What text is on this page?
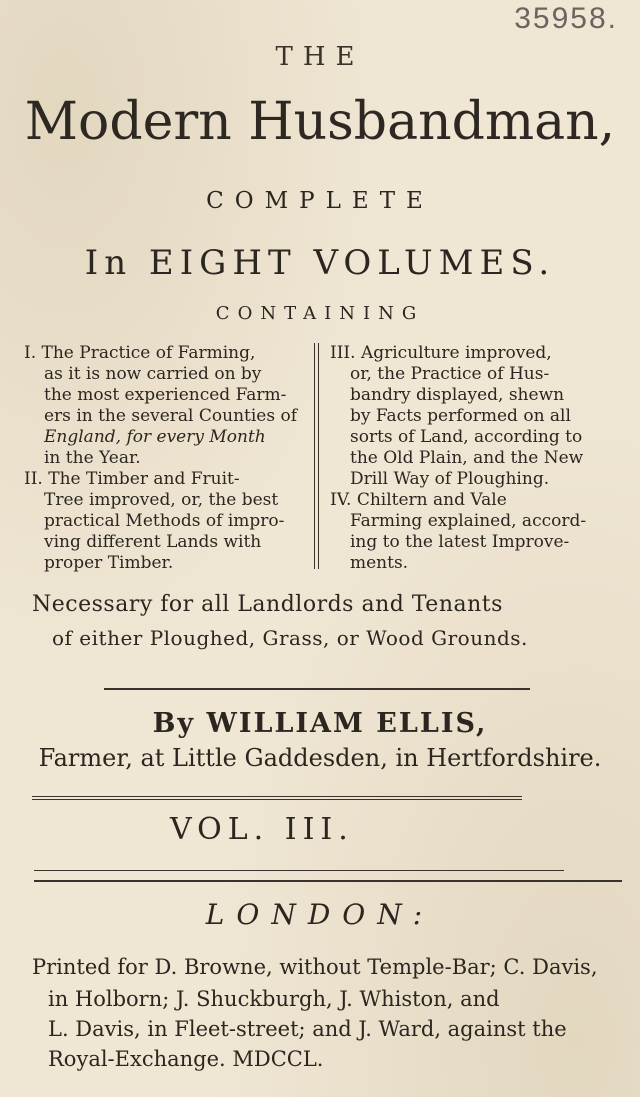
35958.
THE
Modern Husbandman,
COMPLETE
In EIGHT VOLUMES.
CONTAINING
I. The Practice of Farming,
as it is now carried on by
the most experienced Farm-
ers in the several Counties of
England, for every Month
in the Year.
II. The Timber and Fruit-
Tree improved, or, the best
practical Methods of impro-
ving different Lands with
proper Timber.
III. Agriculture improved,
or, the Practice of Hus-
bandry displayed, shewn
by Facts performed on all
sorts of Land, according to
the Old Plain, and the New
Drill Way of Ploughing.
IV. Chiltern and Vale
Farming explained, accord-
ing to the latest Improve-
ments.
Necessary for all Landlords and Tenants
of either Ploughed, Grass, or Wood Grounds.
By WILLIAM ELLIS,
Farmer, at Little Gaddesden, in Hertfordshire.
VOL. III.
LONDON:
Printed for D. Browne, without Temple-Bar; C. Davis,
in Holborn; J. Shuckburgh, J. Whiston, and
L. Davis, in Fleet-street; and J. Ward, against the
Royal-Exchange. MDCCL.
